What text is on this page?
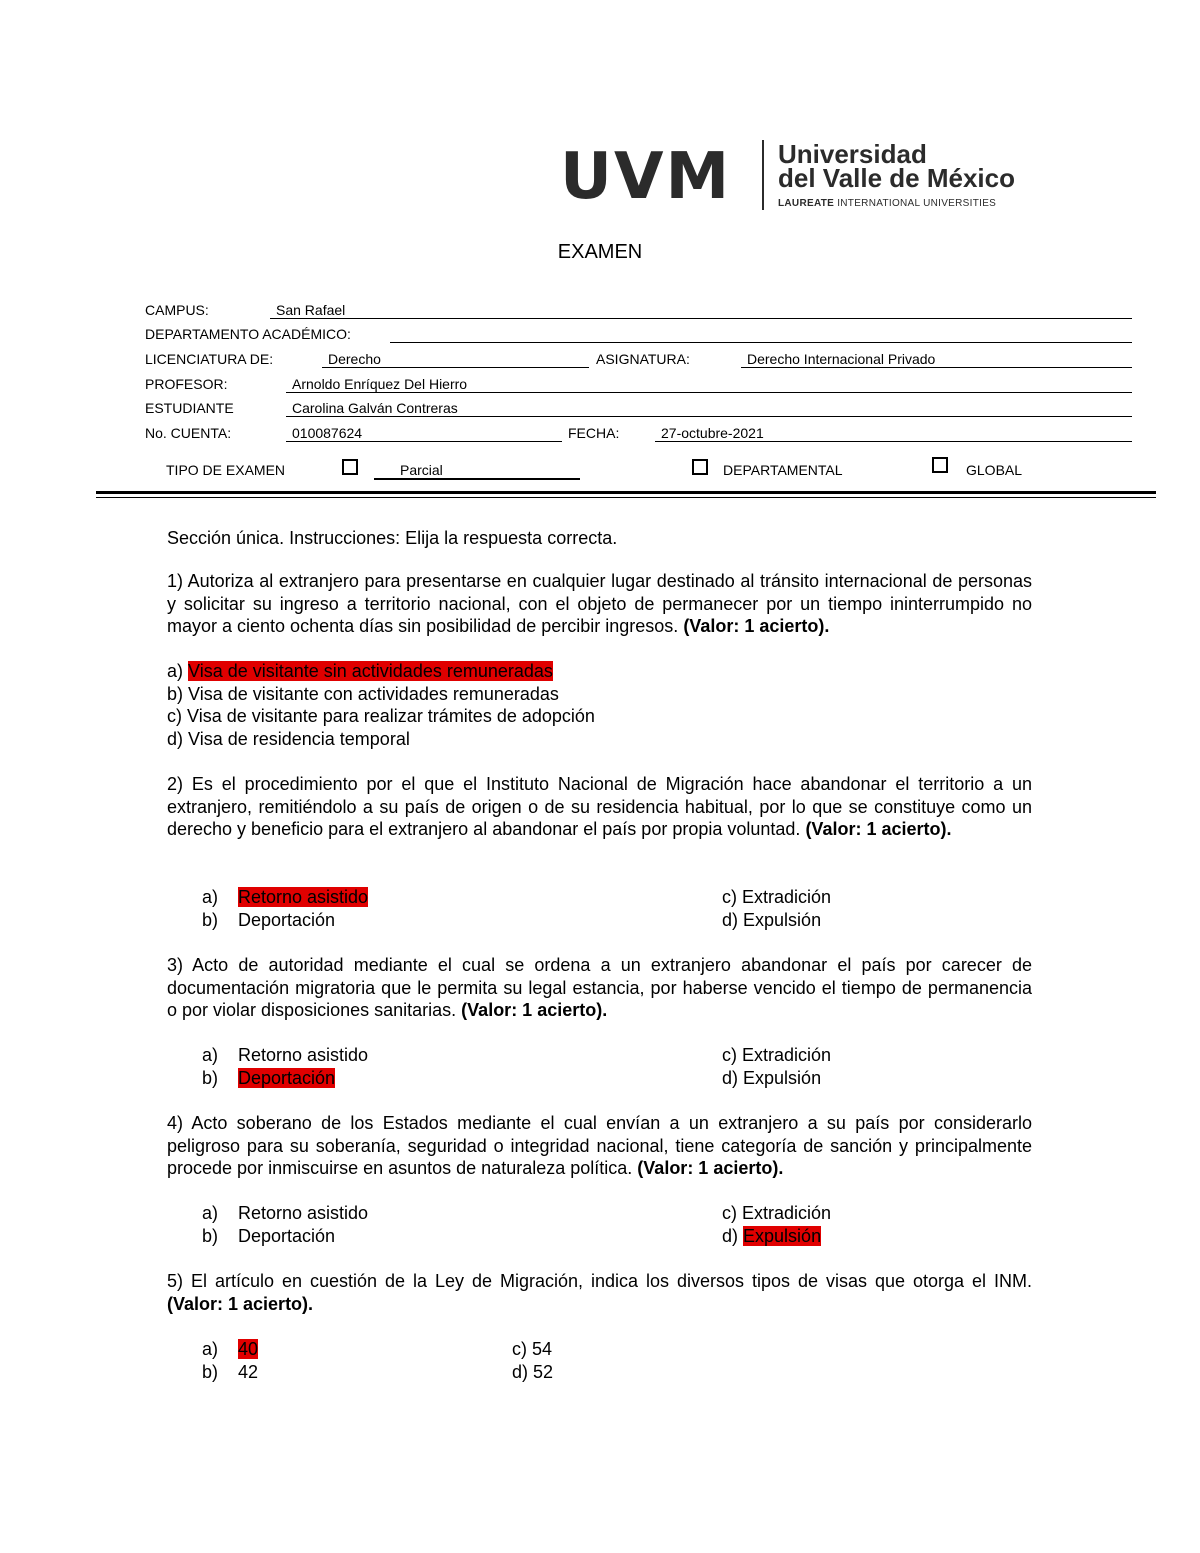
UVM Universidad
del Valle de México
LAUREATE INTERNATIONAL UNIVERSITIES
EXAMEN
CAMPUS:	San Rafael
DEPARTAMENTO ACADÉMICO:
LICENCIATURA DE:	Derecho	ASIGNATURA:	Derecho Internacional Privado
PROFESOR:	Arnoldo Enríquez Del Hierro
ESTUDIANTE	Carolina Galván Contreras
No. CUENTA:	010087624	FECHA:	27-octubre-2021
TIPO DE EXAMEN	Parcial	DEPARTAMENTAL	GLOBAL
Sección única. Instrucciones: Elija la respuesta correcta.
1) Autoriza al extranjero para presentarse en cualquier lugar destinado al tránsito internacional de personas y solicitar su ingreso a territorio nacional, con el objeto de permanecer por un tiempo ininterrumpido no mayor a ciento ochenta días sin posibilidad de percibir ingresos. (Valor: 1 acierto).
a) Visa de visitante sin actividades remuneradas
b) Visa de visitante con actividades remuneradas
c) Visa de visitante para realizar trámites de adopción
d) Visa de residencia temporal
2) Es el procedimiento por el que el Instituto Nacional de Migración hace abandonar el territorio a un extranjero, remitiéndolo a su país de origen o de su residencia habitual, por lo que se constituye como un derecho y beneficio para el extranjero al abandonar el país por propia voluntad. (Valor: 1 acierto).
a) Retorno asistido
b) Deportación
c) Extradición
d) Expulsión
3) Acto de autoridad mediante el cual se ordena a un extranjero abandonar el país por carecer de documentación migratoria que le permita su legal estancia, por haberse vencido el tiempo de permanencia o por violar disposiciones sanitarias. (Valor: 1 acierto).
a) Retorno asistido
b) Deportación
c) Extradición
d) Expulsión
4) Acto soberano de los Estados mediante el cual envían a un extranjero a su país por considerarlo peligroso para su soberanía, seguridad o integridad nacional, tiene categoría de sanción y principalmente procede por inmiscuirse en asuntos de naturaleza política. (Valor: 1 acierto).
a) Retorno asistido
b) Deportación
c) Extradición
d) Expulsión
5) El artículo en cuestión de la Ley de Migración, indica los diversos tipos de visas que otorga el INM. (Valor: 1 acierto).
a) 40
b) 42
c) 54
d) 52
